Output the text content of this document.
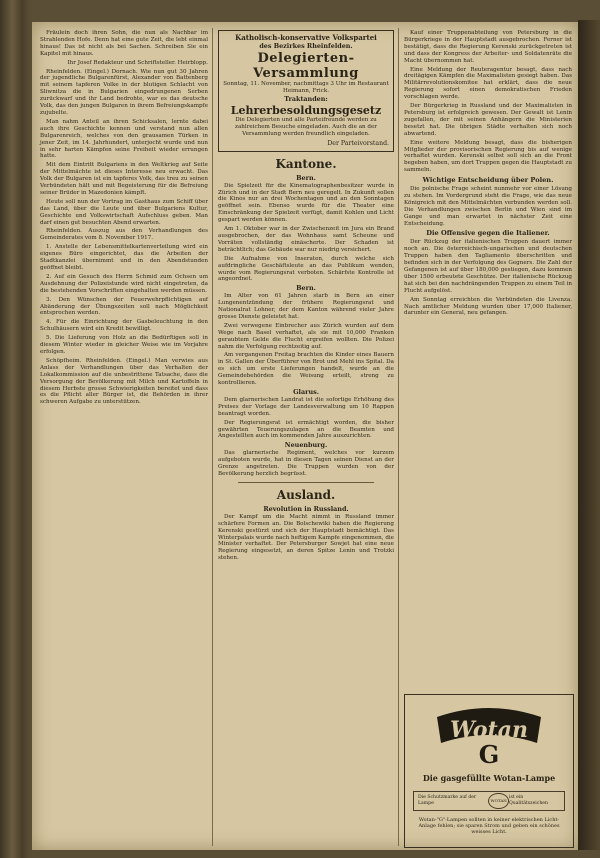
Fräulein doch ihren Sohn, die nun als Nachbar im Strahlenden Hofe. Denn hat eine gute Zeit, die lebt einmal hinaus! Das ist nicht als bei Sachen. Schreiben Sie ein Kapitel mit hinaus.

Ihr Josef Redakteur und Schriftsteller. Heirblopp.

Rheinfelden. (Eingel.) Dornach. Wie nun gut 30 Jahren der jugendliche Bulgarenfürst, Alexander von Battenberg mit seinem tapferen Volke in der blutigen Schlacht von Sliwnitza die in Bulgarien eingedrungenen Serben zurückwarf und ihr Land bedrohte, war es das deutsche Volk, das den jungen Bulgaren in ihrem Befreiungskampfe zujubelte.

Man nahm Anteil an ihren Schicksalen, lernte dabei auch ihre Geschichte kennen und verstand nun allen Bulgarenreich, welches von den grausamen Türken in jener Zeit, im 14. Jahrhundert, unterjocht wurde und nun in sehr harten Kämpfen seine Freiheit wieder errungen hatte.

Mit dem Eintritt Bulgariens in den Weltkrieg auf Seite der Mittelmächte ist dieses Interesse neu erwacht. Das Volk der Bulgaren ist ein tapferes Volk, das treu zu seinen Verbündeten hält und mit Begeisterung für die Befreiung seiner Brüder in Mazedonien kämpft.

Heute soll nun der Vortrag im Gasthaus zum Schiff über das Land, über die Leute und über Bulgariens Kultur, Geschichte und Volkswirtschaft Aufschluss geben. Man darf einen gut besuchten Abend erwarten.

Rheinfelden. Auszug aus den Verhandlungen des Gemeinderates vom 8. November 1917.

1. Anstelle der Lebensmittelkartenverteilung wird ein eigenes Büro eingerichtet, das die Arbeiten der Stadtkanzlei übernimmt und in den Abendstunden geöffnet bleibt.

2. Auf ein Gesuch des Herrn Schmid zum Ochsen um Ausdehnung der Polizeistunde wird nicht eingetreten, da die bestehenden Vorschriften eingehalten werden müssen.

3. Den Wünschen der Feuerwehrpflichtigen auf Abänderung der Übungszeiten soll nach Möglichkeit entsprochen werden.

4. Für die Einrichtung der Gasbeleuchtung in den Schulhäusern wird ein Kredit bewilligt.

5. Die Lieferung von Holz an die Bedürftigen soll in diesem Winter wieder in gleicher Weise wie im Vorjahre erfolgen.

Schöpfheim. Rheinfelden. (Eingel.) Man verwies aus Anlass der Verhandlungen über das Verhalten der Lokalkommission auf die unbestrittene Tatsache, dass die Versorgung der Bevölkerung mit Milch und Kartoffeln in diesem Herbste grosse Schwierigkeiten bereitet und dass es die Pflicht aller Bürger ist, die Behörden in ihrer schweren Aufgabe zu unterstützen.

Katholisch-konservative Volkspartei
des Bezirkes Rheinfelden.
Delegierten-Versammlung
Sonntag, 11. November, nachmittags 3 Uhr im Restaurant Heimann, Frick.
Traktanden:
Lehrerbesoldungsgesetz
Die Delegierten und alle Parteifreunde werden zu zahlreichem Besuche eingeladen. Auch die an der Versammlung werden freundlich eingeladen.
Der Parteivorstand.
Kantone.
Bern.

Die Spielzeit für die Kinematographenbesitzer wurde in Zürich und in der Stadt Bern neu geregelt. In Zukunft sollen die Kinos nur an drei Wochentagen und an den Sonntagen geöffnet sein. Ebenso wurde für die Theater eine Einschränkung der Spielzeit verfügt, damit Kohlen und Licht gespart werden können.

Am 1. Oktober war in der Zwischenzeit im Jura ein Brand ausgebrochen, der das Wohnhaus samt Scheune und Vorräten vollständig einäscherte. Der Schaden ist beträchtlich; das Gebäude war nur niedrig versichert.

Die Aufnahme von Inseraten, durch welche sich aufdringliche Geschäftsleute an das Publikum wenden, wurde vom Regierungsrat verboten. Schärfste Kontrolle ist angeordnet.

Bern.

Im Alter von 61 Jahren starb in Bern an einer Lungenentzündung der frühere Regierungsrat und Nationalrat Lohner, der dem Kanton während vieler Jahre grosse Dienste geleistet hat.

Zwei verwegene Einbrecher aus Zürich wurden auf dem Wege nach Basel verhaftet, als sie mit 10,000 Franken geraubtem Gelde die Flucht ergreifen wollten. Die Polizei nahm die Verfolgung rechtzeitig auf.

Am vergangenen Freitag brachten die Kinder eines Bauern in St. Gallen der Überführer von Brot und Mehl ins Spital. Da es sich um erste Lieferungen handelt, wurde an die Gemeindebehörden die Weisung erteilt, streng zu kontrollieren.

Glarus.

Dem glarnerischen Landrat ist die sofortige Erhöhung des Preises der Vorlage der Landesverwaltung um 10 Rappen beantragt worden.

Der Regierungsrat ist ermächtigt worden, die bisher gewährten Teuerungszulagen an die Beamten und Angestellten auch im kommenden Jahre auszurichten.

Neuenburg.

Das glarnerische Regiment, welches vor kurzem aufgeboten wurde, hat in diesen Tagen seinen Dienst an der Grenze angetreten. Die Truppen wurden von der Bevölkerung herzlich begrüsst.

Ausland.
Revolution in Russland.

Der Kampf um die Macht nimmt in Russland immer schärfere Formen an. Die Bolschewiki haben die Regierung Kerenski gestürzt und sich der Hauptstadt bemächtigt. Das Winterpalais wurde nach heftigem Kampfe eingenommen, die Minister verhaftet. Der Petersburger Sowjet hat eine neue Regierung eingesetzt, an deren Spitze Lenin und Trotzki stehen.

Kauf einer Truppenabteilung von Petersburg in die Bürgerkriege in der Hauptstadt ausgebrochen. Ferner ist bestätigt, dass die Regierung Kerenski zurückgetreten ist und dass der Kongress der Arbeiter- und Soldatenräte die Macht übernommen hat.

Eine Meldung der Reuteragentur besagt, dass nach dreitägigen Kämpfen die Maximalisten gesiegt haben. Das Militärrevolutionskomitee hat erklärt, dass die neue Regierung sofort einen demokratischen Frieden vorschlagen werde.

Der Bürgerkrieg in Russland und der Maximalisten in Petersburg ist erfolgreich gewesen. Der Gewalt ist Lenin zugefallen, der mit seinen Anhängern die Ministerien besetzt hat. Die übrigen Städte verhalten sich noch abwartend.

Eine weitere Meldung besagt, dass die bisherigen Mitglieder der provisorischen Regierung bis auf wenige verhaftet wurden. Kerenski selbst soll sich an die Front begeben haben, um dort Truppen gegen die Hauptstadt zu sammeln.

Wichtige Entscheidung über Polen.

Die polnische Frage scheint nunmehr vor einer Lösung zu stehen. Im Vordergrund steht die Frage, wie das neue Königreich mit den Mittelmächten verbunden werden soll. Die Verhandlungen zwischen Berlin und Wien sind im Gange und man erwartet in nächster Zeit eine Entscheidung.

Die Offensive gegen die Italiener.

Der Rückzug der italienischen Truppen dauert immer noch an. Die österreichisch-ungarischen und deutschen Truppen haben den Tagliamento überschritten und befinden sich in der Verfolgung des Gegners. Die Zahl der Gefangenen ist auf über 180,000 gestiegen, dazu kommen über 1500 erbeutete Geschütze. Der italienische Rückzug hat sich bei den nachdrängenden Truppen zu einem Teil in Flucht aufgelöst.

Am Sonntag erreichten die Verbündeten die Livenza. Nach amtlicher Meldung wurden über 17,000 Italiener, darunter ein General, neu gefangen.

Wotan
G
Die gasgefüllte Wotan-Lampe
Die Schutzmarke auf der Lampe
WOTAN
ist ein Qualitätszeichen
Wotan-"G"-Lampen sollten in keiner elektrischen Licht-Anlage fehlen; sie sparen Strom und geben ein schönes weisses Licht.
